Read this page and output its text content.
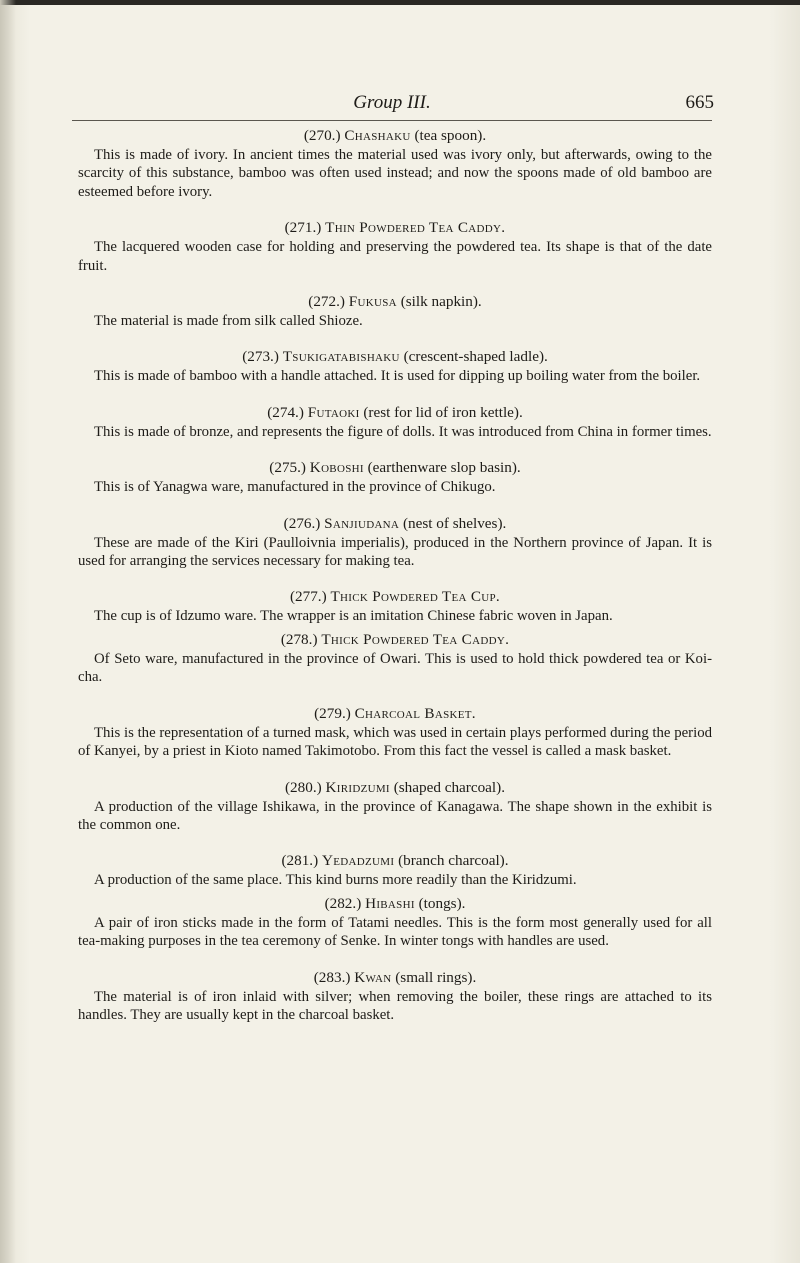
Group III.	665

(270.) Chashaku (tea spoon).

This is made of ivory. In ancient times the material used was ivory only, but afterwards, owing to the scarcity of this substance, bamboo was often used instead; and now the spoons made of old bamboo are esteemed before ivory.

(271.) Thin Powdered Tea Caddy.

The lacquered wooden case for holding and preserving the powdered tea. Its shape is that of the date fruit.

(272.) Fukusa (silk napkin).

The material is made from silk called Shioze.

(273.) Tsukigatabishaku (crescent-shaped ladle).

This is made of bamboo with a handle attached. It is used for dipping up boiling water from the boiler.

(274.) Futaoki (rest for lid of iron kettle).

This is made of bronze, and represents the figure of dolls. It was introduced from China in former times.

(275.) Koboshi (earthenware slop basin).

This is of Yanagwa ware, manufactured in the province of Chikugo.

(276.) Sanjiudana (nest of shelves).

These are made of the Kiri (Paulloivnia imperialis), produced in the Northern province of Japan. It is used for arranging the services necessary for making tea.

(277.) Thick Powdered Tea Cup.

The cup is of Idzumo ware. The wrapper is an imitation Chinese fabric woven in Japan.

(278.) Thick Powdered Tea Caddy.

Of Seto ware, manufactured in the province of Owari. This is used to hold thick powdered tea or Koi-cha.

(279.) Charcoal Basket.

This is the representation of a turned mask, which was used in certain plays performed during the period of Kanyei, by a priest in Kioto named Takimotobo. From this fact the vessel is called a mask basket.

(280.) Kiridzumi (shaped charcoal).

A production of the village Ishikawa, in the province of Kanagawa. The shape shown in the exhibit is the common one.

(281.) Yedadzumi (branch charcoal).

A production of the same place. This kind burns more readily than the Kiridzumi.

(282.) Hibashi (tongs).

A pair of iron sticks made in the form of Tatami needles. This is the form most generally used for all tea-making purposes in the tea ceremony of Senke. In winter tongs with handles are used.

(283.) Kwan (small rings).

The material is of iron inlaid with silver; when removing the boiler, these rings are attached to its handles. They are usually kept in the charcoal basket.
